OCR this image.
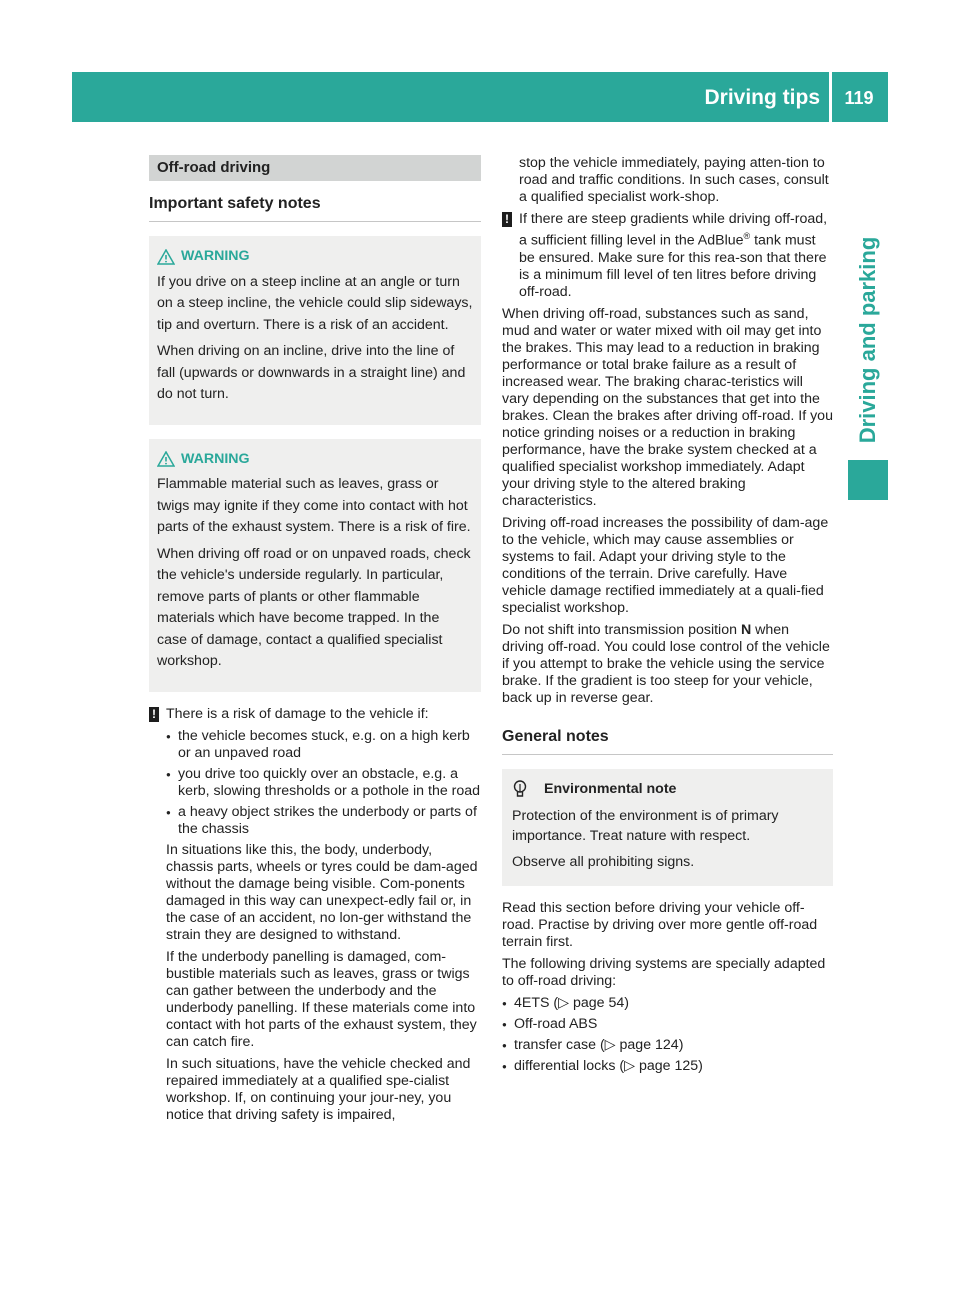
Driving tips	119
Driving and parking
Off-road driving
Important safety notes

WARNING

If you drive on a steep incline at an angle or turn on a steep incline, the vehicle could slip sideways, tip and overturn. There is a risk of an accident.

When driving on an incline, drive into the line of fall (upwards or downwards in a straight line) and do not turn.

WARNING

Flammable material such as leaves, grass or twigs may ignite if they come into contact with hot parts of the exhaust system. There is a risk of fire.

When driving off road or on unpaved roads, check the vehicle's underside regularly. In particular, remove parts of plants or other flammable materials which have become trapped. In the case of damage, contact a qualified specialist workshop.

! There is a risk of damage to the vehicle if:

● the vehicle becomes stuck, e.g. on a high kerb or an unpaved road
● you drive too quickly over an obstacle, e.g. a kerb, slowing thresholds or a pothole in the road
● a heavy object strikes the underbody or parts of the chassis

In situations like this, the body, underbody, chassis parts, wheels or tyres could be dam-aged without the damage being visible. Com-ponents damaged in this way can unexpect-edly fail or, in the case of an accident, no lon-ger withstand the strain they are designed to withstand.

If the underbody panelling is damaged, com-bustible materials such as leaves, grass or twigs can gather between the underbody and the underbody panelling. If these materials come into contact with hot parts of the exhaust system, they can catch fire.

In such situations, have the vehicle checked and repaired immediately at a qualified spe-cialist workshop. If, on continuing your jour-ney, you notice that driving safety is impaired,

stop the vehicle immediately, paying atten-tion to road and traffic conditions. In such cases, consult a qualified specialist work-shop.

! If there are steep gradients while driving off-road, a sufficient filling level in the AdBlue® tank must be ensured. Make sure for this rea-son that there is a minimum fill level of ten litres before driving off-road.

When driving off-road, substances such as sand, mud and water or water mixed with oil may get into the brakes. This may lead to a reduction in braking performance or total brake failure as a result of increased wear. The braking charac-teristics will vary depending on the substances that get into the brakes. Clean the brakes after driving off-road. If you notice grinding noises or a reduction in braking performance, have the brake system checked at a qualified specialist workshop immediately. Adapt your driving style to the altered braking characteristics.

Driving off-road increases the possibility of dam-age to the vehicle, which may cause assemblies or systems to fail. Adapt your driving style to the conditions of the terrain. Drive carefully. Have vehicle damage rectified immediately at a quali-fied specialist workshop.

Do not shift into transmission position N when driving off-road. You could lose control of the vehicle if you attempt to brake the vehicle using the service brake. If the gradient is too steep for your vehicle, back up in reverse gear.

General notes

Environmental note

Protection of the environment is of primary importance. Treat nature with respect.

Observe all prohibiting signs.

Read this section before driving your vehicle off-road. Practise by driving over more gentle off-road terrain first.

The following driving systems are specially adapted to off-road driving:

● 4ETS (▷ page 54)
● Off-road ABS
● transfer case (▷ page 124)
● differential locks (▷ page 125)
